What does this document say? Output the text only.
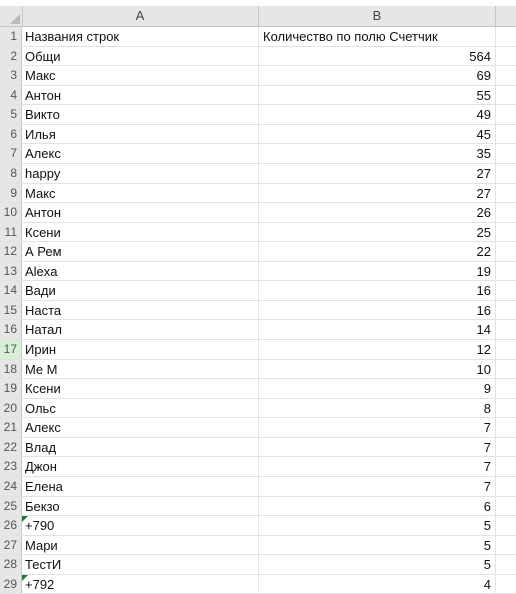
A	B
1 Названия строк	Количество по полю Счетчик
2 Общи	564
3 Макс	69
4 Антон	55
5 Викто	49
6 Илья	45
7 Алекс	35
8 happy	27
9 Макс	27
10 Антон	26
11 Ксени	25
12 А Рем	22
13 Alexa	19
14 Вади	16
15 Наста	16
16 Натал	14
17 Ирин	12
18 Me M	10
19 Ксени	9
20 Ольс	8
21 Алекс	7
22 Влад	7
23 Джон	7
24 Елена	7
25 Бекзо	6
26 +790	5
27 Мари	5
28 ТестИ	5
29 +792	4
